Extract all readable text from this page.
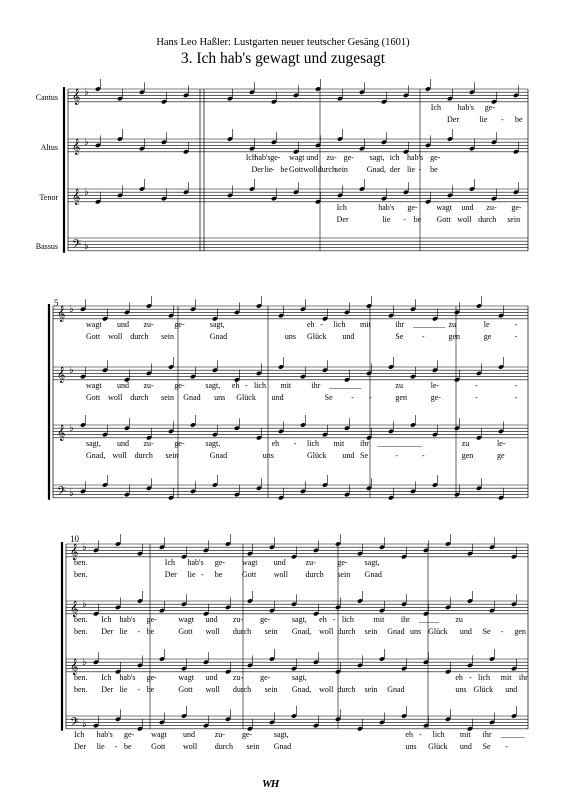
Hans Leo Haßler: Lustgarten neuer teutscher Gesäng (1601)
3. Ich hab's gewagt und zugesagt
Cantus
Altus
Tenor
Bassus
5
10
𝄞 ♭
𝄞 ♭
𝄞 ♭
𝄢 ♭
𝄞 ♭
𝄞 ♭
𝄞 ♭
𝄢 ♭
𝄞 ♭
𝄞 ♭
𝄞 ♭
𝄢 ♭
Ich hab's ge-
Der	lie - be
Ich
hab's ge- wagt und zu- ge- sagt, ich hab's ge-
Der lie - be Gott woll durch sein Gnad, der lie - be
Ich	hab's ge- wagt und zu- ge-
Der	lie - be Gott woll durch sein
wagt und zu-	ge-	sagt,	eh - lich mit	ihr ________ zu	le	-
Gott woll durch sein	Gnad	uns Glück und	Se -	gen	ge	-
wagt und zu-	ge-	sagt, eh - lich mit	ihr ________	zu	le-	-	-
Gott woll durch sein Gnad uns Glück und	Se - -	gen	ge-	-	-
sagt, und zu-	ge-	sagt,	eh - lich mit ihr ___________	zu	le-
Gnad, woll durch sein	Gnad	uns	Glück und Se	-	-	gen	ge
ben.	Ich hab's ge- wagt und zu-	ge- sagt,
ben.	Der lie - be Gott woll durch sein Gnad
ben. Ich hab's ge-	wagt und zu- ge-	sagt, eh - lich mit ihr _____ zu
ben. Der lie - be	Gott woll durch sein Gnad, woll durch sein Gnad uns Glück und Se - gen
ben. Ich hab's ge-	wagt und zu- ge-	sagt,	eh - lich mit ihr
ben. Der lie - be	Gott woll durch sein Gnad, woll durch sein Gnad	uns Glück und
Ich hab's ge- wagt und zu- ge-	sagt,	eh - lich mit ihr ______
Der lie - be Gott woll durch sein Gnad	uns Glück und Se -
WH
